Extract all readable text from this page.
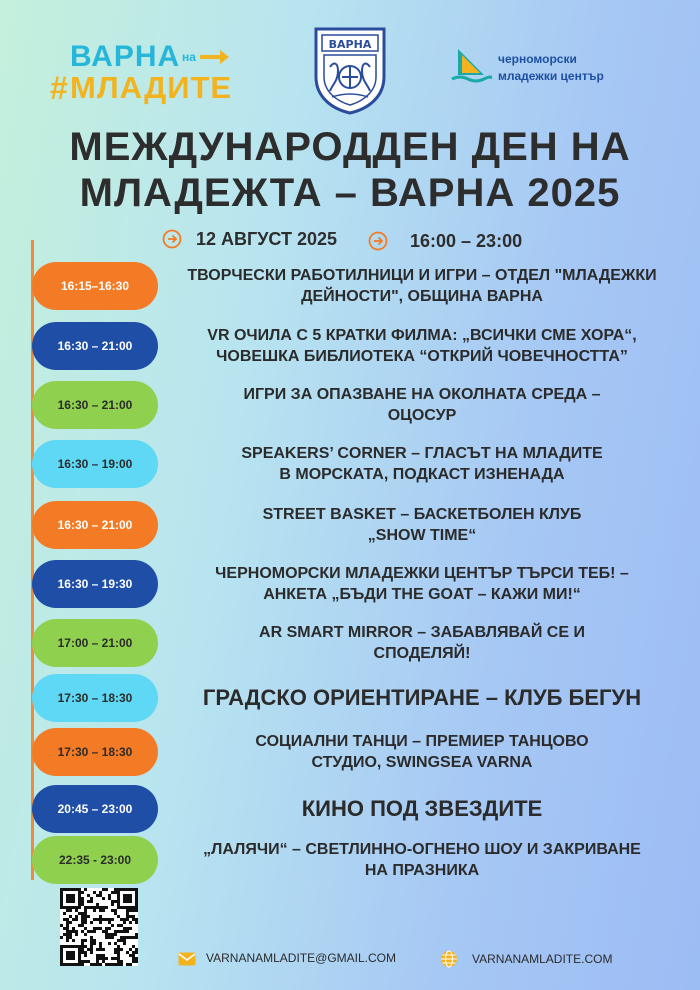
ВАРНА на
# МЛАДИТЕ
ВАРНА
черноморски
младежки център
МЕЖДУНАРОДДЕН ДЕН НА
МЛАДЕЖТА – ВАРНА 2025
12 АВГУСТ 2025	16:00 – 23:00
16:15–16:30
ТВОРЧЕСКИ РАБОТИЛНИЦИ И ИГРИ – ОТДЕЛ "МЛАДЕЖКИ
ДЕЙНОСТИ", ОБЩИНА ВАРНА
16:30 – 21:00
VR ОЧИЛА С 5 КРАТКИ ФИЛМА: „ВСИЧКИ СМЕ ХОРА“,
ЧОВЕШКА БИБЛИОТЕКА “ОТКРИЙ ЧОВЕЧНОСТТА”
16:30 – 21:00
ИГРИ ЗА ОПАЗВАНЕ НА ОКОЛНАТА СРЕДА –
ОЦОСУР
16:30 – 19:00
SPEAKERS’ CORNER – ГЛАСЪТ НА МЛАДИТЕ
В МОРСКАТА, ПОДКАСТ ИЗНЕНАДА
16:30 – 21:00
STREET BASKET – БАСКЕТБОЛЕН КЛУБ
„SHOW TIME“
16:30 – 19:30
ЧЕРНОМОРСКИ МЛАДЕЖКИ ЦЕНТЪР ТЪРСИ ТЕБ! –
АНКЕТА „БЪДИ THE GOAT – КАЖИ МИ!“
17:00 – 21:00
AR SMART MIRROR – ЗАБАВЛЯВАЙ СЕ И
СПОДЕЛЯЙ!
17:30 – 18:30	ГРАДСКО ОРИЕНТИРАНЕ – КЛУБ БЕГУН
17:30 – 18:30
СОЦИАЛНИ ТАНЦИ – ПРЕМИЕР ТАНЦОВО
СТУДИО, SWINGSEA VARNA
20:45 – 23:00	КИНО ПОД ЗВЕЗДИТЕ
22:35 - 23:00
„ЛАЛЯЧИ“ – СВЕТЛИННО-ОГНЕНО ШОУ И ЗАКРИВАНЕ
НА ПРАЗНИКА
VARNANAMLADITE@GMAIL.COM	VARNANAMLADITE.COM
